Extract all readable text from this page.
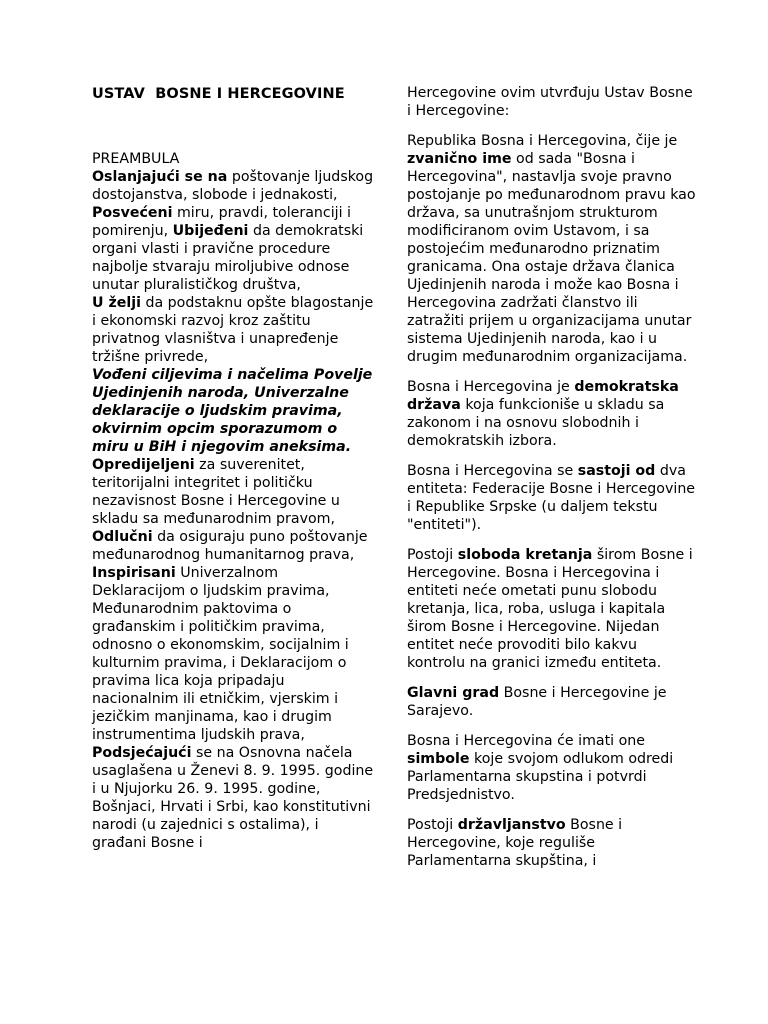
USTAV  BOSNE I HERCEGOVINE
PREAMBULA
Oslanjajući se na poštovanje ljudskog dostojanstva, slobode i jednakosti,
Posvećeni miru, pravdi, toleranciji i pomirenju, Ubijeđeni da demokratski organi vlasti i pravične procedure najbolje stvaraju miroljubive odnose unutar pluralističkog društva,
U želji da podstaknu opšte blagostanje i ekonomski razvoj kroz zaštitu privatnog vlasništva i unapređenje tržišne privrede,
Vođeni ciljevima i načelima Povelje Ujedinjenih naroda, Univerzalne deklaracije o ljudskim pravima, okvirnim opcim sporazumom o miru u BiH i njegovim aneksima.
Opredijeljeni za suverenitet, teritorijalni integritet i političku nezavisnost Bosne i Hercegovine u skladu sa međunarodnim pravom,
Odlučni da osiguraju puno poštovanje međunarodnog humanitarnog prava,
Inspirisani Univerzalnom Deklaracijom o ljudskim pravima, Međunarodnim paktovima o građanskim i političkim pravima, odnosno o ekonomskim, socijalnim i kulturnim pravima, i Deklaracijom o pravima lica koja pripadaju nacionalnim ili etničkim, vjerskim i jezičkim manjinama, kao i drugim instrumentima ljudskih prava,
Podsjećajući se na Osnovna načela usaglašena u Ženevi 8. 9. 1995. godine i u Njujorku 26. 9. 1995. godine, Bošnjaci, Hrvati i Srbi, kao konstitutivni narodi (u zajednici s ostalima), i građani Bosne i

Hercegovine ovim utvrđuju Ustav Bosne i Hercegovine:

Republika Bosna i Hercegovina, čije je zvanično ime od sada "Bosna i Hercegovina", nastavlja svoje pravno postojanje po međunarodnom pravu kao država, sa unutrašnjom strukturom modificiranom ovim Ustavom, i sa postojećim međunarodno priznatim granicama. Ona ostaje država članica Ujedinjenih naroda i može kao Bosna i Hercegovina zadržati članstvo ili zatražiti prijem u organizacijama unutar sistema Ujedinjenih naroda, kao i u drugim međunarodnim organizacijama.

Bosna i Hercegovina je demokratska država koja funkcioniše u skladu sa zakonom i na osnovu slobodnih i demokratskih izbora.

Bosna i Hercegovina se sastoji od dva entiteta: Federacije Bosne i Hercegovine i Republike Srpske (u daljem tekstu "entiteti").

Postoji sloboda kretanja širom Bosne i Hercegovine. Bosna i Hercegovina i entiteti neće ometati punu slobodu kretanja, lica, roba, usluga i kapitala širom Bosne i Hercegovine. Nijedan entitet neće provoditi bilo kakvu kontrolu na granici između entiteta.

Glavni grad Bosne i Hercegovine je Sarajevo.

Bosna i Hercegovina će imati one simbole koje svojom odlukom odredi Parlamentarna skupstina i potvrdi Predsjednistvo.

Postoji državljanstvo Bosne i Hercegovine, koje reguliše Parlamentarna skupština, i
